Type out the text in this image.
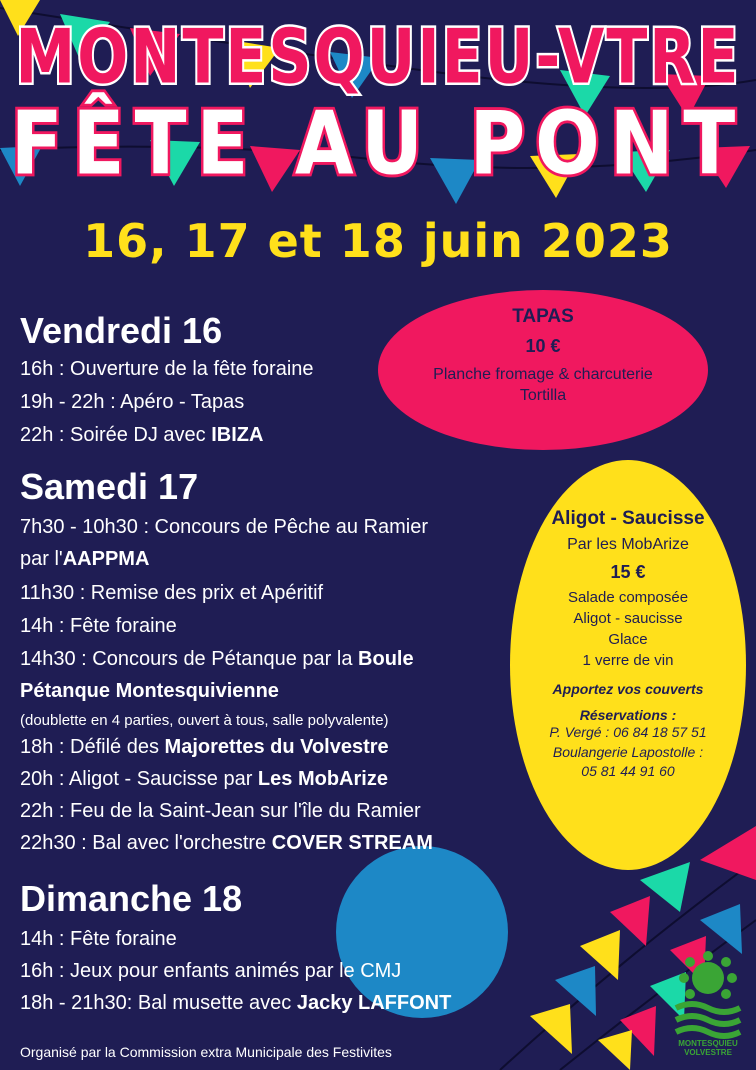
MONTESQUIEU-VTRE
FÊTE AU PONT
16, 17 et 18 juin 2023
Vendredi 16
16h : Ouverture de la fête foraine
19h - 22h : Apéro - Tapas
22h : Soirée DJ avec IBIZA
Samedi 17
7h30 - 10h30 : Concours de Pêche au Ramier
par l'AAPPMA
11h30 : Remise des prix et Apéritif
14h : Fête foraine
14h30 : Concours de Pétanque par la Boule
Pétanque Montesquivienne
(doublette en 4 parties, ouvert à tous, salle polyvalente)
18h : Défilé des Majorettes du Volvestre
20h : Aligot - Saucisse par Les MobArize
22h : Feu de la Saint-Jean sur l'île du Ramier
22h30 : Bal avec l'orchestre COVER STREAM
Dimanche 18
14h : Fête foraine
16h : Jeux pour enfants animés par le CMJ
18h - 21h30: Bal musette avec Jacky LAFFONT
TAPAS
10 €
Planche fromage & charcuterie
Tortilla
Aligot - Saucisse
Par les MobArize
15 €
Salade composée
Aligot - saucisse
Glace
1 verre de vin
Apportez vos couverts
Réservations :
P. Vergé : 06 84 18 57 51
Boulangerie Lapostolle :
05 81 44 91 60
Organisé par la Commission extra Municipale des Festivites
MONTESQUIEU
VOLVESTRE
